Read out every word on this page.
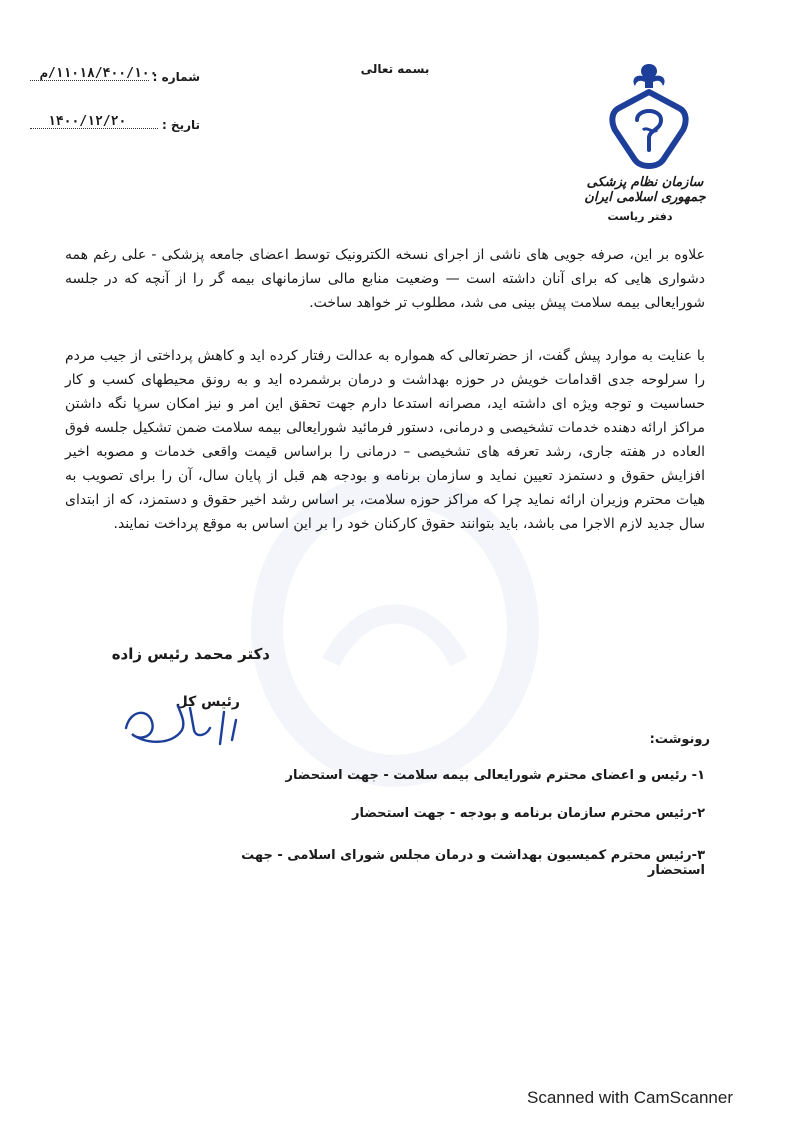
بسمه تعالی
شماره :
۱۱۰۱۸/۴۰۰/۱۰۰/م
تاریخ :
۱۴۰۰/۱۲/۲۰
سازمان نظام پزشکی جمهوری اسلامی ایران
دفتر ریاست
علاوه بر این، صرفه جویی های ناشی از اجرای نسخه الکترونیک توسط اعضای جامعه پزشکی - علی رغم همه دشواری هایی که برای آنان داشته است — وضعیت منابع مالی سازمانهای بیمه گر را از آنچه که در جلسه شورایعالی بیمه سلامت پیش بینی می شد، مطلوب تر خواهد ساخت.
با عنایت به موارد پیش گفت، از حضرتعالی که همواره به عدالت رفتار کرده اید و کاهش پرداختی از جیب مردم را سرلوحه جدی اقدامات خویش در حوزه بهداشت و درمان برشمرده اید و به رونق محیطهای کسب و کار حساسیت و توجه ویژه ای داشته اید، مصرانه استدعا دارم جهت تحقق این امر و نیز امکان سرپا نگه داشتن مراکز ارائه دهنده خدمات تشخیصی و درمانی، دستور فرمائید شورایعالی بیمه سلامت ضمن تشکیل جلسه فوق العاده در هفته جاری، رشد تعرفه های تشخیصی – درمانی را براساس قیمت واقعی خدمات و مصوبه اخیر افزایش حقوق و دستمزد تعیین نماید و سازمان برنامه و بودجه هم قبل از پایان سال، آن را برای تصویب به هیات محترم وزیران ارائه نماید چرا که مراکز حوزه سلامت، بر اساس رشد اخیر حقوق و دستمزد، که از ابتدای سال جدید لازم الاجرا می باشد، باید بتوانند حقوق کارکنان خود را بر این اساس به موقع پرداخت نمایند.
دکتر محمد رئیس زاده
رئیس کل
رونوشت:
۱- رئیس و اعضای محترم شورایعالی بیمه سلامت - جهت استحضار
۲-رئیس محترم سازمان برنامه و بودجه - جهت استحضار
۳-رئیس محترم کمیسیون بهداشت و درمان مجلس شورای اسلامی - جهت استحضار
Scanned with CamScanner
